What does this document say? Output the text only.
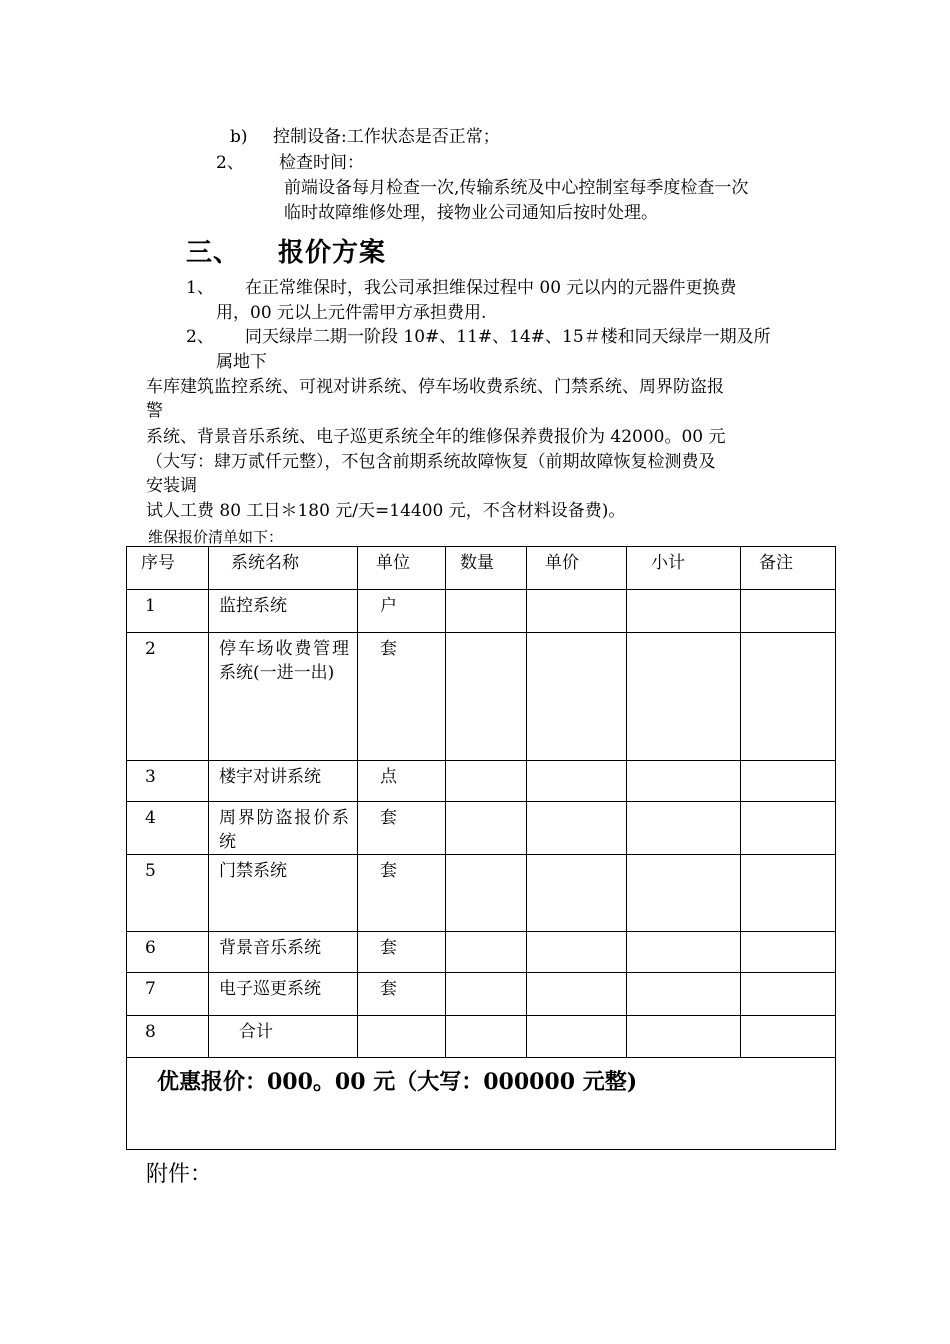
b) 控制设备:工作状态是否正常；
2、 检查时间：
前端设备每月检查一次,传输系统及中心控制室每季度检查一次
临时故障维修处理，接物业公司通知后按时处理。
三、 报价方案
1、 在正常维保时，我公司承担维保过程中 00 元以内的元器件更换费
用，00 元以上元件需甲方承担费用.
2、 同天绿岸二期一阶段 10#、11#、14#、15＃楼和同天绿岸一期及所
属地下
车库建筑监控系统、可视对讲系统、停车场收费系统、门禁系统、周界防盗报
警
系统、背景音乐系统、电子巡更系统全年的维修保养费报价为 42000。00 元
（大写：肆万贰仟元整），不包含前期系统故障恢复（前期故障恢复检测费及
安装调
试人工费 80 工日＊180 元/天=14400 元，不含材料设备费)。
维保报价清单如下：
序号	系统名称	单位	数量	单价	小计	备注

1	监控系统	户				

2	停车场收费管理系统(一进一出)	套				

3	楼宇对讲系统	点				

4	周界防盗报价系统	套				

5	门禁系统	套				

6	背景音乐系统	套				

7	电子巡更系统	套				

8	合计					

优惠报价：000。00 元（大写：000000 元整)						
附件：
